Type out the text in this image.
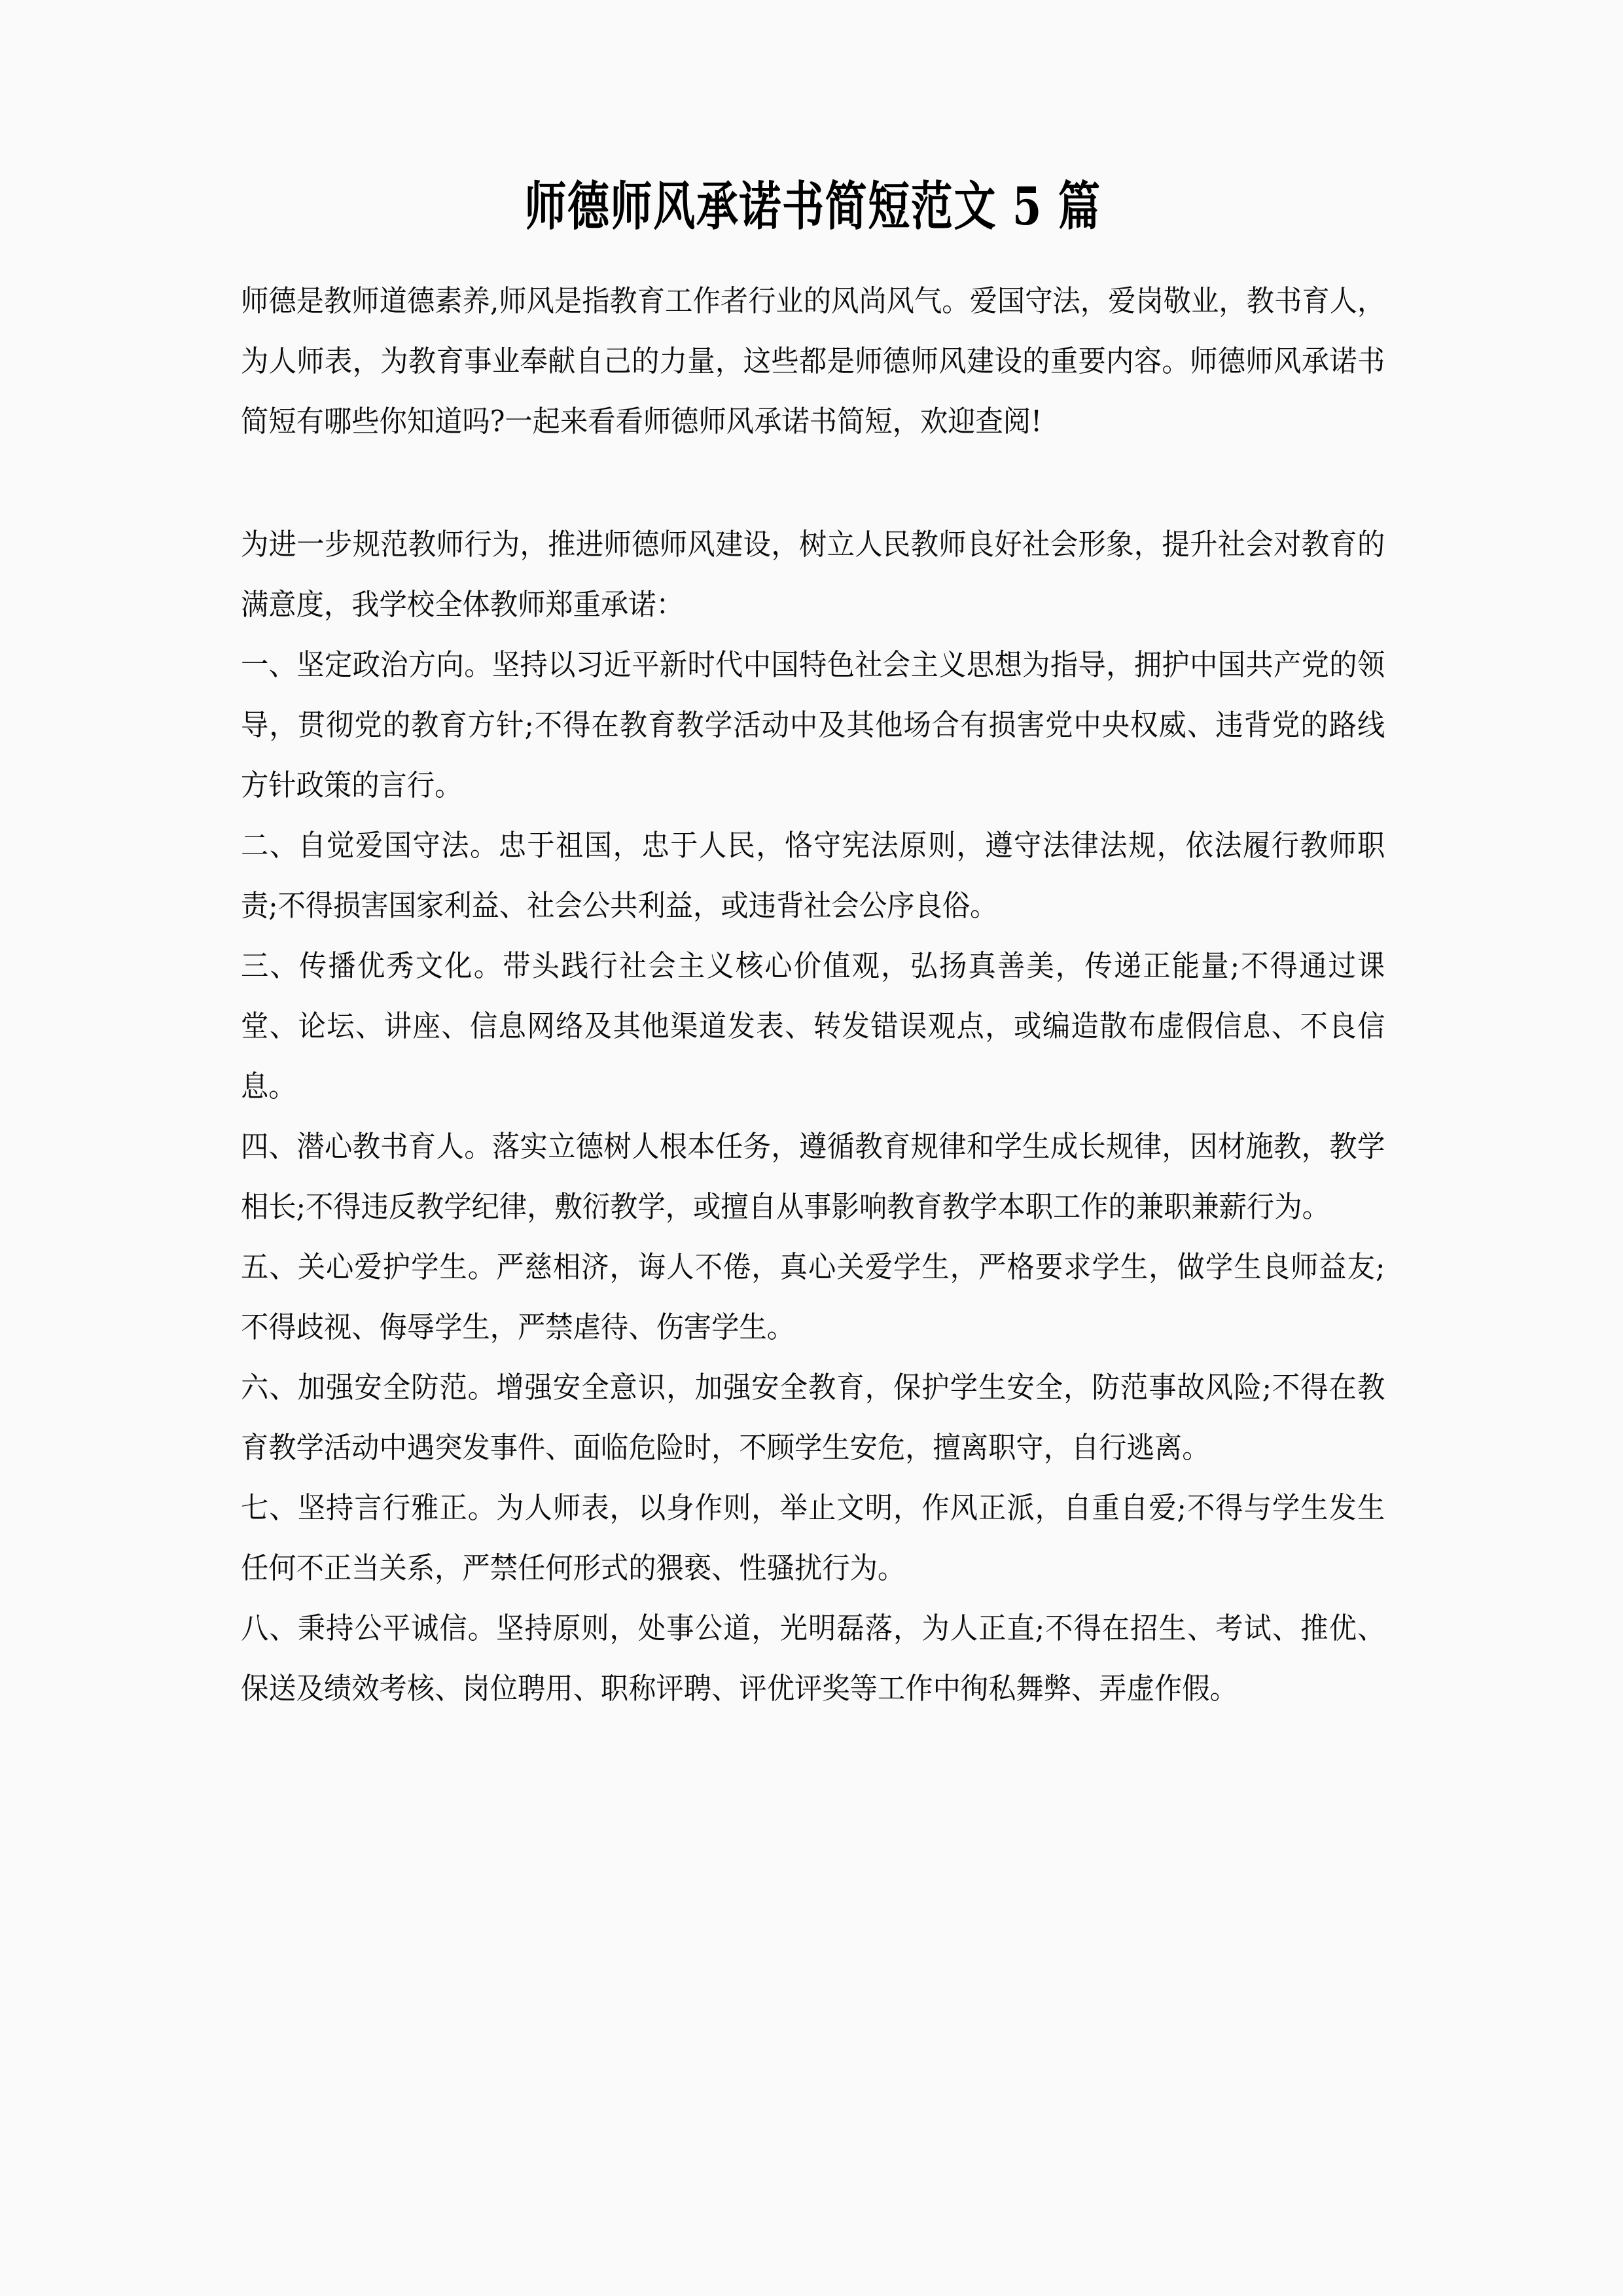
师德师风承诺书简短范文 5 篇

师德是教师道德素养,师风是指教育工作者行业的风尚风气。爱国守法，爱岗敬业，教书育人，为人师表，为教育事业奉献自己的力量，这些都是师德师风建设的重要内容。师德师风承诺书简短有哪些你知道吗?一起来看看师德师风承诺书简短，欢迎查阅!

为进一步规范教师行为，推进师德师风建设，树立人民教师良好社会形象，提升社会对教育的满意度，我学校全体教师郑重承诺：

一、坚定政治方向。坚持以习近平新时代中国特色社会主义思想为指导，拥护中国共产党的领导，贯彻党的教育方针;不得在教育教学活动中及其他场合有损害党中央权威、违背党的路线方针政策的言行。

二、自觉爱国守法。忠于祖国，忠于人民，恪守宪法原则，遵守法律法规，依法履行教师职责;不得损害国家利益、社会公共利益，或违背社会公序良俗。

三、传播优秀文化。带头践行社会主义核心价值观，弘扬真善美，传递正能量;不得通过课堂、论坛、讲座、信息网络及其他渠道发表、转发错误观点，或编造散布虚假信息、不良信息。

四、潜心教书育人。落实立德树人根本任务，遵循教育规律和学生成长规律，因材施教，教学相长;不得违反教学纪律，敷衍教学，或擅自从事影响教育教学本职工作的兼职兼薪行为。

五、关心爱护学生。严慈相济，诲人不倦，真心关爱学生，严格要求学生，做学生良师益友;不得歧视、侮辱学生，严禁虐待、伤害学生。

六、加强安全防范。增强安全意识，加强安全教育，保护学生安全，防范事故风险;不得在教育教学活动中遇突发事件、面临危险时，不顾学生安危，擅离职守，自行逃离。

七、坚持言行雅正。为人师表，以身作则，举止文明，作风正派，自重自爱;不得与学生发生任何不正当关系，严禁任何形式的猥亵、性骚扰行为。

八、秉持公平诚信。坚持原则，处事公道，光明磊落，为人正直;不得在招生、考试、推优、保送及绩效考核、岗位聘用、职称评聘、评优评奖等工作中徇私舞弊、弄虚作假。
